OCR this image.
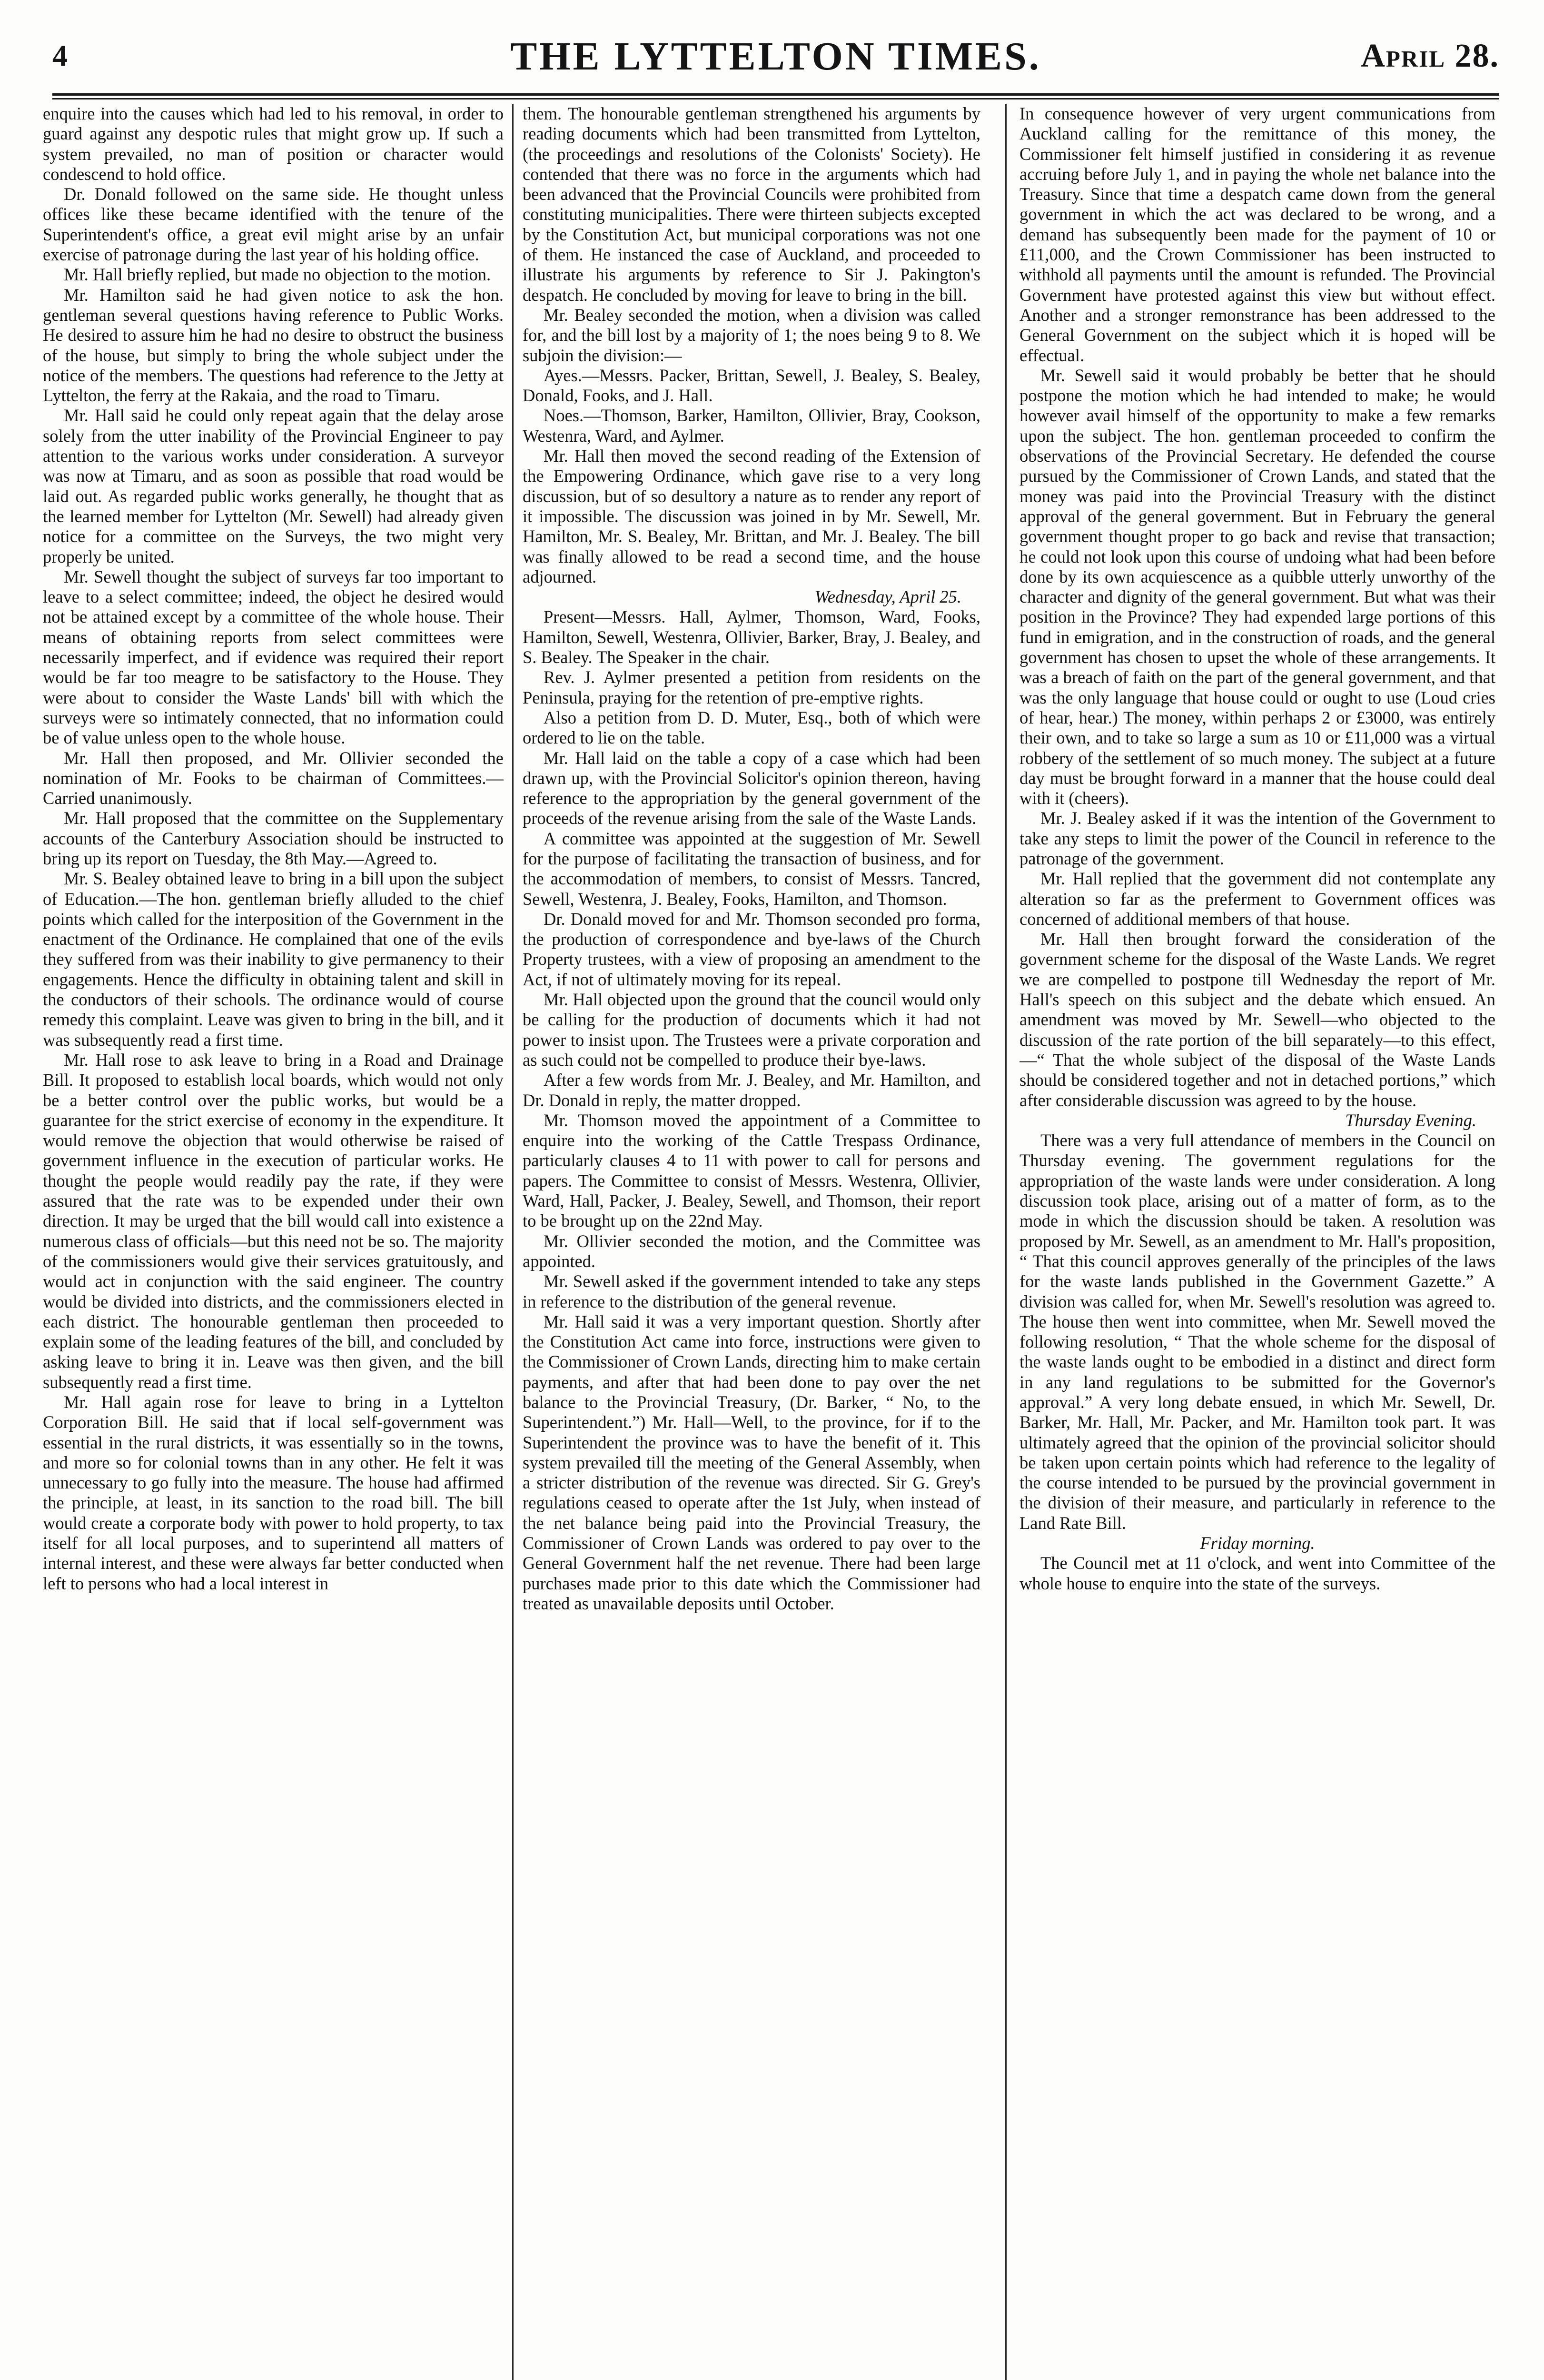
4	THE LYTTELTON TIMES.	April 28.

enquire into the causes which had led to his removal, in order to guard against any despotic rules that might grow up. If such a system prevailed, no man of position or character would condescend to hold office.

Dr. Donald followed on the same side. He thought unless offices like these became identified with the tenure of the Superintendent's office, a great evil might arise by an unfair exercise of patronage during the last year of his holding office.

Mr. Hall briefly replied, but made no objection to the motion.

Mr. Hamilton said he had given notice to ask the hon. gentleman several questions having reference to Public Works. He desired to assure him he had no desire to obstruct the business of the house, but simply to bring the whole subject under the notice of the members. The questions had reference to the Jetty at Lyttelton, the ferry at the Rakaia, and the road to Timaru.

Mr. Hall said he could only repeat again that the delay arose solely from the utter inability of the Provincial Engineer to pay attention to the various works under consideration. A surveyor was now at Timaru, and as soon as possible that road would be laid out. As regarded public works generally, he thought that as the learned member for Lyttelton (Mr. Sewell) had already given notice for a committee on the Surveys, the two might very properly be united.

Mr. Sewell thought the subject of surveys far too important to leave to a select committee; indeed, the object he desired would not be attained except by a committee of the whole house. Their means of obtaining reports from select committees were necessarily imperfect, and if evidence was required their report would be far too meagre to be satisfactory to the House. They were about to consider the Waste Lands' bill with which the surveys were so intimately connected, that no information could be of value unless open to the whole house.

Mr. Hall then proposed, and Mr. Ollivier seconded the nomination of Mr. Fooks to be chairman of Committees.— Carried unanimously.

Mr. Hall proposed that the committee on the Supplementary accounts of the Canterbury Association should be instructed to bring up its report on Tuesday, the 8th May.—Agreed to.

Mr. S. Bealey obtained leave to bring in a bill upon the subject of Education.—The hon. gentleman briefly alluded to the chief points which called for the interposition of the Government in the enactment of the Ordinance. He complained that one of the evils they suffered from was their inability to give permanency to their engagements. Hence the difficulty in obtaining talent and skill in the conductors of their schools. The ordinance would of course remedy this complaint. Leave was given to bring in the bill, and it was subsequently read a first time.

Mr. Hall rose to ask leave to bring in a Road and Drainage Bill. It proposed to establish local boards, which would not only be a better control over the public works, but would be a guarantee for the strict exercise of economy in the expenditure. It would remove the objection that would otherwise be raised of government influence in the execution of particular works. He thought the people would readily pay the rate, if they were assured that the rate was to be expended under their own direction. It may be urged that the bill would call into existence a numerous class of officials—but this need not be so. The majority of the commissioners would give their services gratuitously, and would act in conjunction with the said engineer. The country would be divided into districts, and the commissioners elected in each district. The honourable gentleman then proceeded to explain some of the leading features of the bill, and concluded by asking leave to bring it in. Leave was then given, and the bill subsequently read a first time.

Mr. Hall again rose for leave to bring in a Lyttelton Corporation Bill. He said that if local self-government was essential in the rural districts, it was essentially so in the towns, and more so for colonial towns than in any other. He felt it was unnecessary to go fully into the measure. The house had affirmed the principle, at least, in its sanction to the road bill. The bill would create a corporate body with power to hold property, to tax itself for all local purposes, and to superintend all matters of internal interest, and these were always far better conducted when left to persons who had a local interest in

them. The honourable gentleman strengthened his arguments by reading documents which had been transmitted from Lyttelton, (the proceedings and resolutions of the Colonists' Society). He contended that there was no force in the arguments which had been advanced that the Provincial Councils were prohibited from constituting municipalities. There were thirteen subjects excepted by the Constitution Act, but municipal corporations was not one of them. He instanced the case of Auckland, and proceeded to illustrate his arguments by reference to Sir J. Pakington's despatch. He concluded by moving for leave to bring in the bill.

Mr. Bealey seconded the motion, when a division was called for, and the bill lost by a majority of 1; the noes being 9 to 8. We subjoin the division:—

Ayes.—Messrs. Packer, Brittan, Sewell, J. Bealey, S. Bealey, Donald, Fooks, and J. Hall.

Noes.—Thomson, Barker, Hamilton, Ollivier, Bray, Cookson, Westenra, Ward, and Aylmer.

Mr. Hall then moved the second reading of the Extension of the Empowering Ordinance, which gave rise to a very long discussion, but of so desultory a nature as to render any report of it impossible. The discussion was joined in by Mr. Sewell, Mr. Hamilton, Mr. S. Bealey, Mr. Brittan, and Mr. J. Bealey. The bill was finally allowed to be read a second time, and the house adjourned.

Wednesday, April 25.

Present—Messrs. Hall, Aylmer, Thomson, Ward, Fooks, Hamilton, Sewell, Westenra, Ollivier, Barker, Bray, J. Bealey, and S. Bealey. The Speaker in the chair.

Rev. J. Aylmer presented a petition from residents on the Peninsula, praying for the retention of pre-emptive rights.

Also a petition from D. D. Muter, Esq., both of which were ordered to lie on the table.

Mr. Hall laid on the table a copy of a case which had been drawn up, with the Provincial Solicitor's opinion thereon, having reference to the appropriation by the general government of the proceeds of the revenue arising from the sale of the Waste Lands.

A committee was appointed at the suggestion of Mr. Sewell for the purpose of facilitating the transaction of business, and for the accommodation of members, to consist of Messrs. Tancred, Sewell, Westenra, J. Bealey, Fooks, Hamilton, and Thomson.

Dr. Donald moved for and Mr. Thomson seconded pro forma, the production of correspondence and bye-laws of the Church Property trustees, with a view of proposing an amendment to the Act, if not of ultimately moving for its repeal.

Mr. Hall objected upon the ground that the council would only be calling for the production of documents which it had not power to insist upon. The Trustees were a private corporation and as such could not be compelled to produce their bye-laws.

After a few words from Mr. J. Bealey, and Mr. Hamilton, and Dr. Donald in reply, the matter dropped.

Mr. Thomson moved the appointment of a Committee to enquire into the working of the Cattle Trespass Ordinance, particularly clauses 4 to 11 with power to call for persons and papers. The Committee to consist of Messrs. Westenra, Ollivier, Ward, Hall, Packer, J. Bealey, Sewell, and Thomson, their report to be brought up on the 22nd May.

Mr. Ollivier seconded the motion, and the Committee was appointed.

Mr. Sewell asked if the government intended to take any steps in reference to the distribution of the general revenue.

Mr. Hall said it was a very important question. Shortly after the Constitution Act came into force, instructions were given to the Commissioner of Crown Lands, directing him to make certain payments, and after that had been done to pay over the net balance to the Provincial Treasury, (Dr. Barker, “ No, to the Superintendent.”) Mr. Hall—Well, to the province, for if to the Superintendent the province was to have the benefit of it. This system prevailed till the meeting of the General Assembly, when a stricter distribution of the revenue was directed. Sir G. Grey's regulations ceased to operate after the 1st July, when instead of the net balance being paid into the Provincial Treasury, the Commissioner of Crown Lands was ordered to pay over to the General Government half the net revenue. There had been large purchases made prior to this date which the Commissioner had treated as unavailable deposits until October.

In consequence however of very urgent communications from Auckland calling for the remittance of this money, the Commissioner felt himself justified in considering it as revenue accruing before July 1, and in paying the whole net balance into the Treasury. Since that time a despatch came down from the general government in which the act was declared to be wrong, and a demand has subsequently been made for the payment of 10 or £11,000, and the Crown Commissioner has been instructed to withhold all payments until the amount is refunded. The Provincial Government have protested against this view but without effect. Another and a stronger remonstrance has been addressed to the General Government on the subject which it is hoped will be effectual.

Mr. Sewell said it would probably be better that he should postpone the motion which he had intended to make; he would however avail himself of the opportunity to make a few remarks upon the subject. The hon. gentleman proceeded to confirm the observations of the Provincial Secretary. He defended the course pursued by the Commissioner of Crown Lands, and stated that the money was paid into the Provincial Treasury with the distinct approval of the general government. But in February the general government thought proper to go back and revise that transaction; he could not look upon this course of undoing what had been before done by its own acquiescence as a quibble utterly unworthy of the character and dignity of the general government. But what was their position in the Province? They had expended large portions of this fund in emigration, and in the construction of roads, and the general government has chosen to upset the whole of these arrangements. It was a breach of faith on the part of the general government, and that was the only language that house could or ought to use (Loud cries of hear, hear.) The money, within perhaps 2 or £3000, was entirely their own, and to take so large a sum as 10 or £11,000 was a virtual robbery of the settlement of so much money. The subject at a future day must be brought forward in a manner that the house could deal with it (cheers).

Mr. J. Bealey asked if it was the intention of the Government to take any steps to limit the power of the Council in reference to the patronage of the government.

Mr. Hall replied that the government did not contemplate any alteration so far as the preferment to Government offices was concerned of additional members of that house.

Mr. Hall then brought forward the consideration of the government scheme for the disposal of the Waste Lands. We regret we are compelled to postpone till Wednesday the report of Mr. Hall's speech on this subject and the debate which ensued. An amendment was moved by Mr. Sewell—who objected to the discussion of the rate portion of the bill separately—to this effect,—“ That the whole subject of the disposal of the Waste Lands should be considered together and not in detached portions,” which after considerable discussion was agreed to by the house.

Thursday Evening.

There was a very full attendance of members in the Council on Thursday evening. The government regulations for the appropriation of the waste lands were under consideration. A long discussion took place, arising out of a matter of form, as to the mode in which the discussion should be taken. A resolution was proposed by Mr. Sewell, as an amendment to Mr. Hall's proposition, “ That this council approves generally of the principles of the laws for the waste lands published in the Government Gazette.” A division was called for, when Mr. Sewell's resolution was agreed to. The house then went into committee, when Mr. Sewell moved the following resolution, “ That the whole scheme for the disposal of the waste lands ought to be embodied in a distinct and direct form in any land regulations to be submitted for the Governor's approval.” A very long debate ensued, in which Mr. Sewell, Dr. Barker, Mr. Hall, Mr. Packer, and Mr. Hamilton took part. It was ultimately agreed that the opinion of the provincial solicitor should be taken upon certain points which had reference to the legality of the course intended to be pursued by the provincial government in the division of their measure, and particularly in reference to the Land Rate Bill.

Friday morning.

The Council met at 11 o'clock, and went into Committee of the whole house to enquire into the state of the surveys.
